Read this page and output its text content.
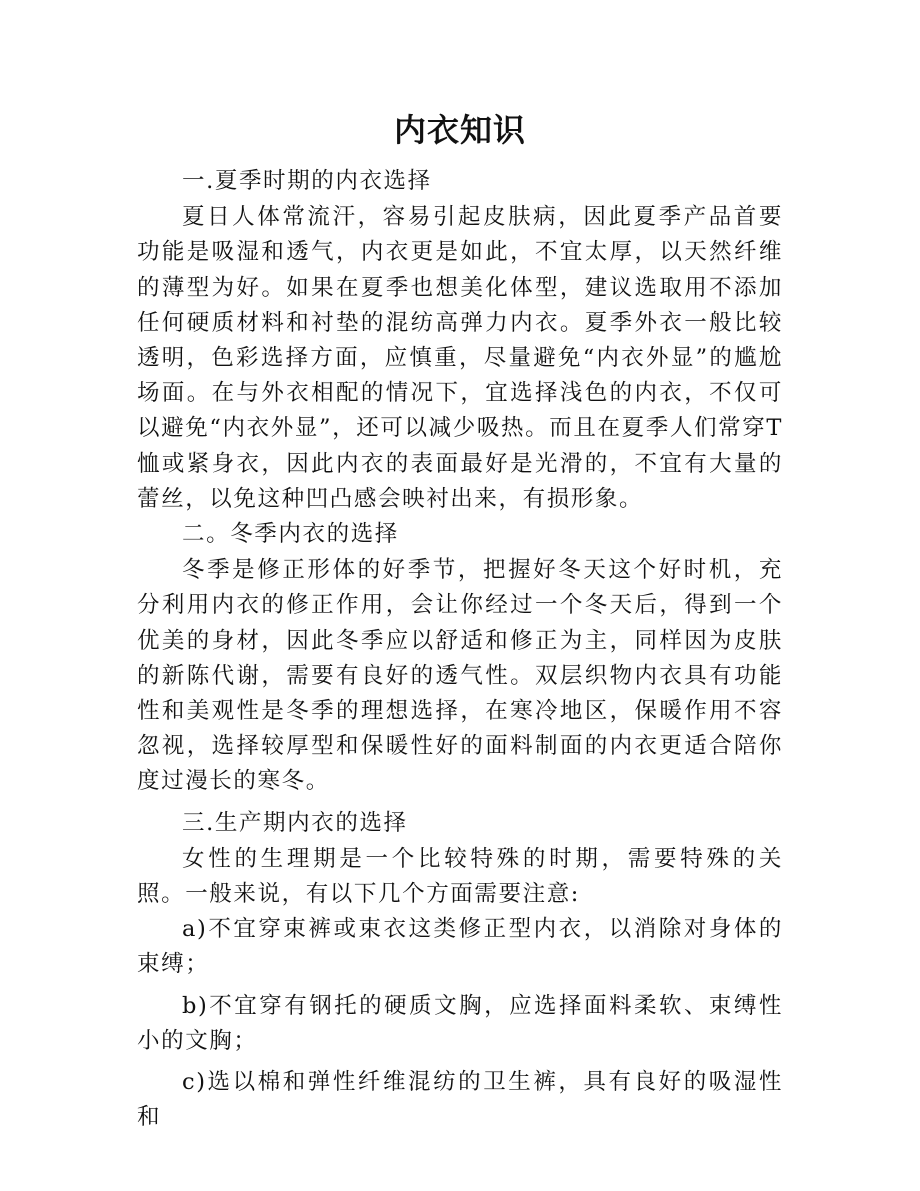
内衣知识

一.夏季时期的内衣选择

夏日人体常流汗，容易引起皮肤病，因此夏季产品首要功能是吸湿和透气，内衣更是如此，不宜太厚，以天然纤维的薄型为好。如果在夏季也想美化体型，建议选取用不添加任何硬质材料和衬垫的混纺高弹力内衣。夏季外衣一般比较透明，色彩选择方面，应慎重，尽量避免“内衣外显”的尴尬场面。在与外衣相配的情况下，宜选择浅色的内衣，不仅可以避免“内衣外显”，还可以减少吸热。而且在夏季人们常穿T恤或紧身衣，因此内衣的表面最好是光滑的，不宜有大量的蕾丝，以免这种凹凸感会映衬出来，有损形象。

二。冬季内衣的选择

冬季是修正形体的好季节，把握好冬天这个好时机，充分利用内衣的修正作用，会让你经过一个冬天后，得到一个优美的身材，因此冬季应以舒适和修正为主，同样因为皮肤的新陈代谢，需要有良好的透气性。双层织物内衣具有功能性和美观性是冬季的理想选择，在寒冷地区，保暖作用不容忽视，选择较厚型和保暖性好的面料制面的内衣更适合陪你度过漫长的寒冬。

三.生产期内衣的选择

女性的生理期是一个比较特殊的时期，需要特殊的关照。一般来说，有以下几个方面需要注意:

a)不宜穿束裤或束衣这类修正型内衣，以消除对身体的束缚；

b)不宜穿有钢托的硬质文胸，应选择面料柔软、束缚性小的文胸；

c)选以棉和弹性纤维混纺的卫生裤，具有良好的吸湿性和
